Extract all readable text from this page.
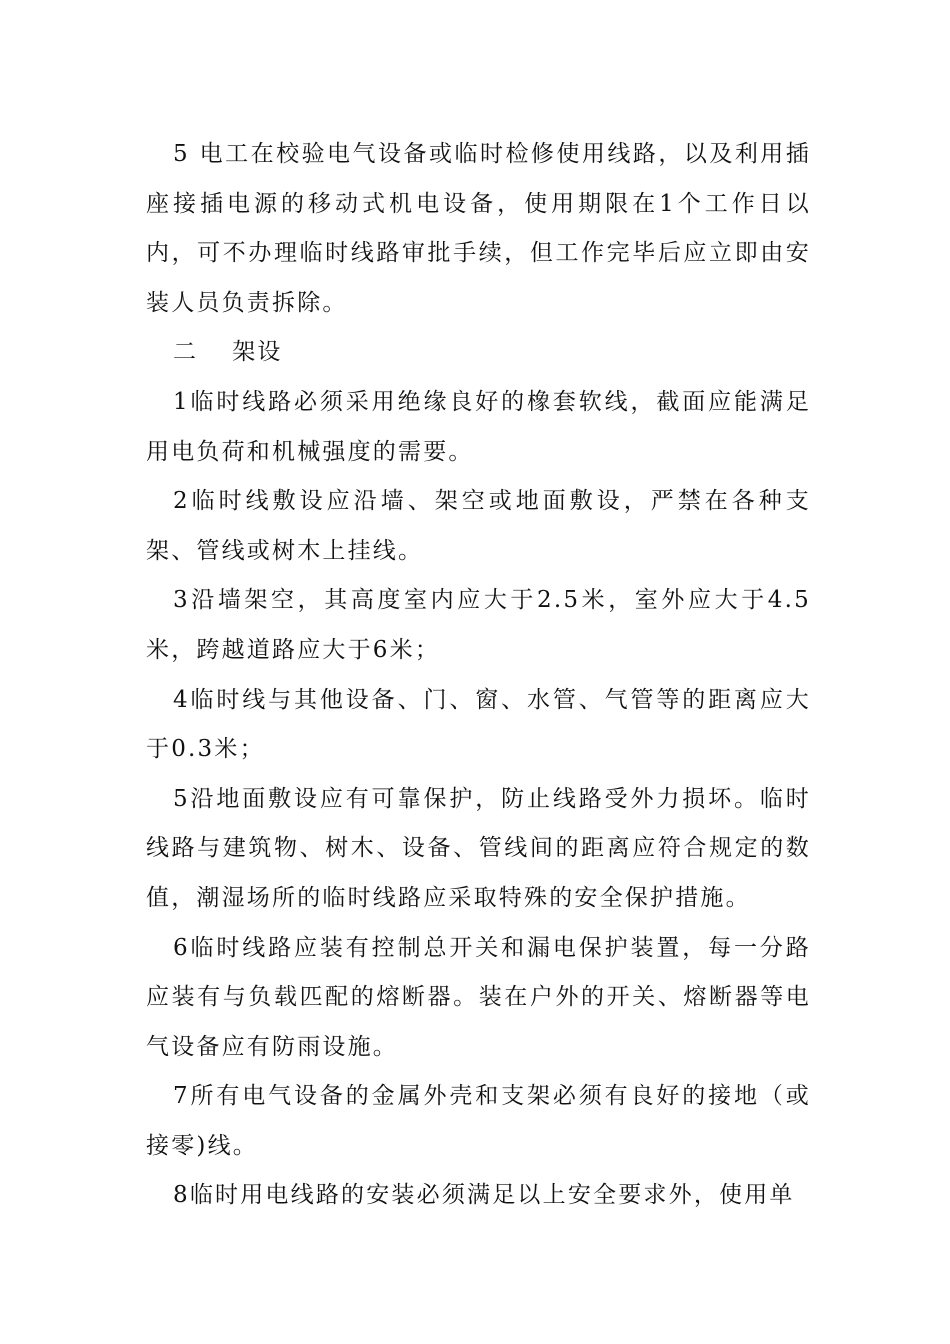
5 电工在校验电气设备或临时检修使用线路，以及利用插座接插电源的移动式机电设备，使用期限在1个工作日以内，可不办理临时线路审批手续，但工作完毕后应立即由安装人员负责拆除。

二 架设

1临时线路必须采用绝缘良好的橡套软线，截面应能满足用电负荷和机械强度的需要。

2临时线敷设应沿墙、架空或地面敷设，严禁在各种支架、管线或树木上挂线。

3沿墙架空，其高度室内应大于2.5米，室外应大于4.5米，跨越道路应大于6米；

4临时线与其他设备、门、窗、水管、气管等的距离应大于0.3米；

5沿地面敷设应有可靠保护，防止线路受外力损坏。临时线路与建筑物、树木、设备、管线间的距离应符合规定的数值，潮湿场所的临时线路应采取特殊的安全保护措施。

6临时线路应装有控制总开关和漏电保护装置，每一分路应装有与负载匹配的熔断器。装在户外的开关、熔断器等电气设备应有防雨设施。

7所有电气设备的金属外壳和支架必须有良好的接地（或接零)线。

8临时用电线路的安装必须满足以上安全要求外，使用单
